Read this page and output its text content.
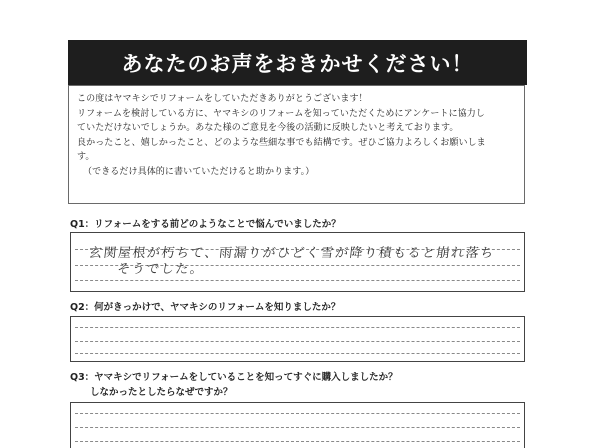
あなたのお声をおきかせください！
この度はヤマキシでリフォームをしていただきありがとうございます！
リフォームを検討している方に、ヤマキシのリフォームを知っていただくためにアンケートに協力し
ていただけないでしょうか。あなた様のご意見を今後の活動に反映したいと考えております。
良かったこと、嬉しかったこと、どのような些細な事でも結構です。ぜひご協力よろしくお願いしま
す。
（できるだけ具体的に書いていただけると助かります。）
Q1：リフォームをする前どのようなことで悩んでいましたか？
玄関屋根が朽ちて、雨漏りがひどく雪が降り積もると崩れ落ち
そうでした。
Q2：何がきっかけで、ヤマキシのリフォームを知りましたか？
Q3：ヤマキシでリフォームをしていることを知ってすぐに購入しましたか？
しなかったとしたらなぜですか？
